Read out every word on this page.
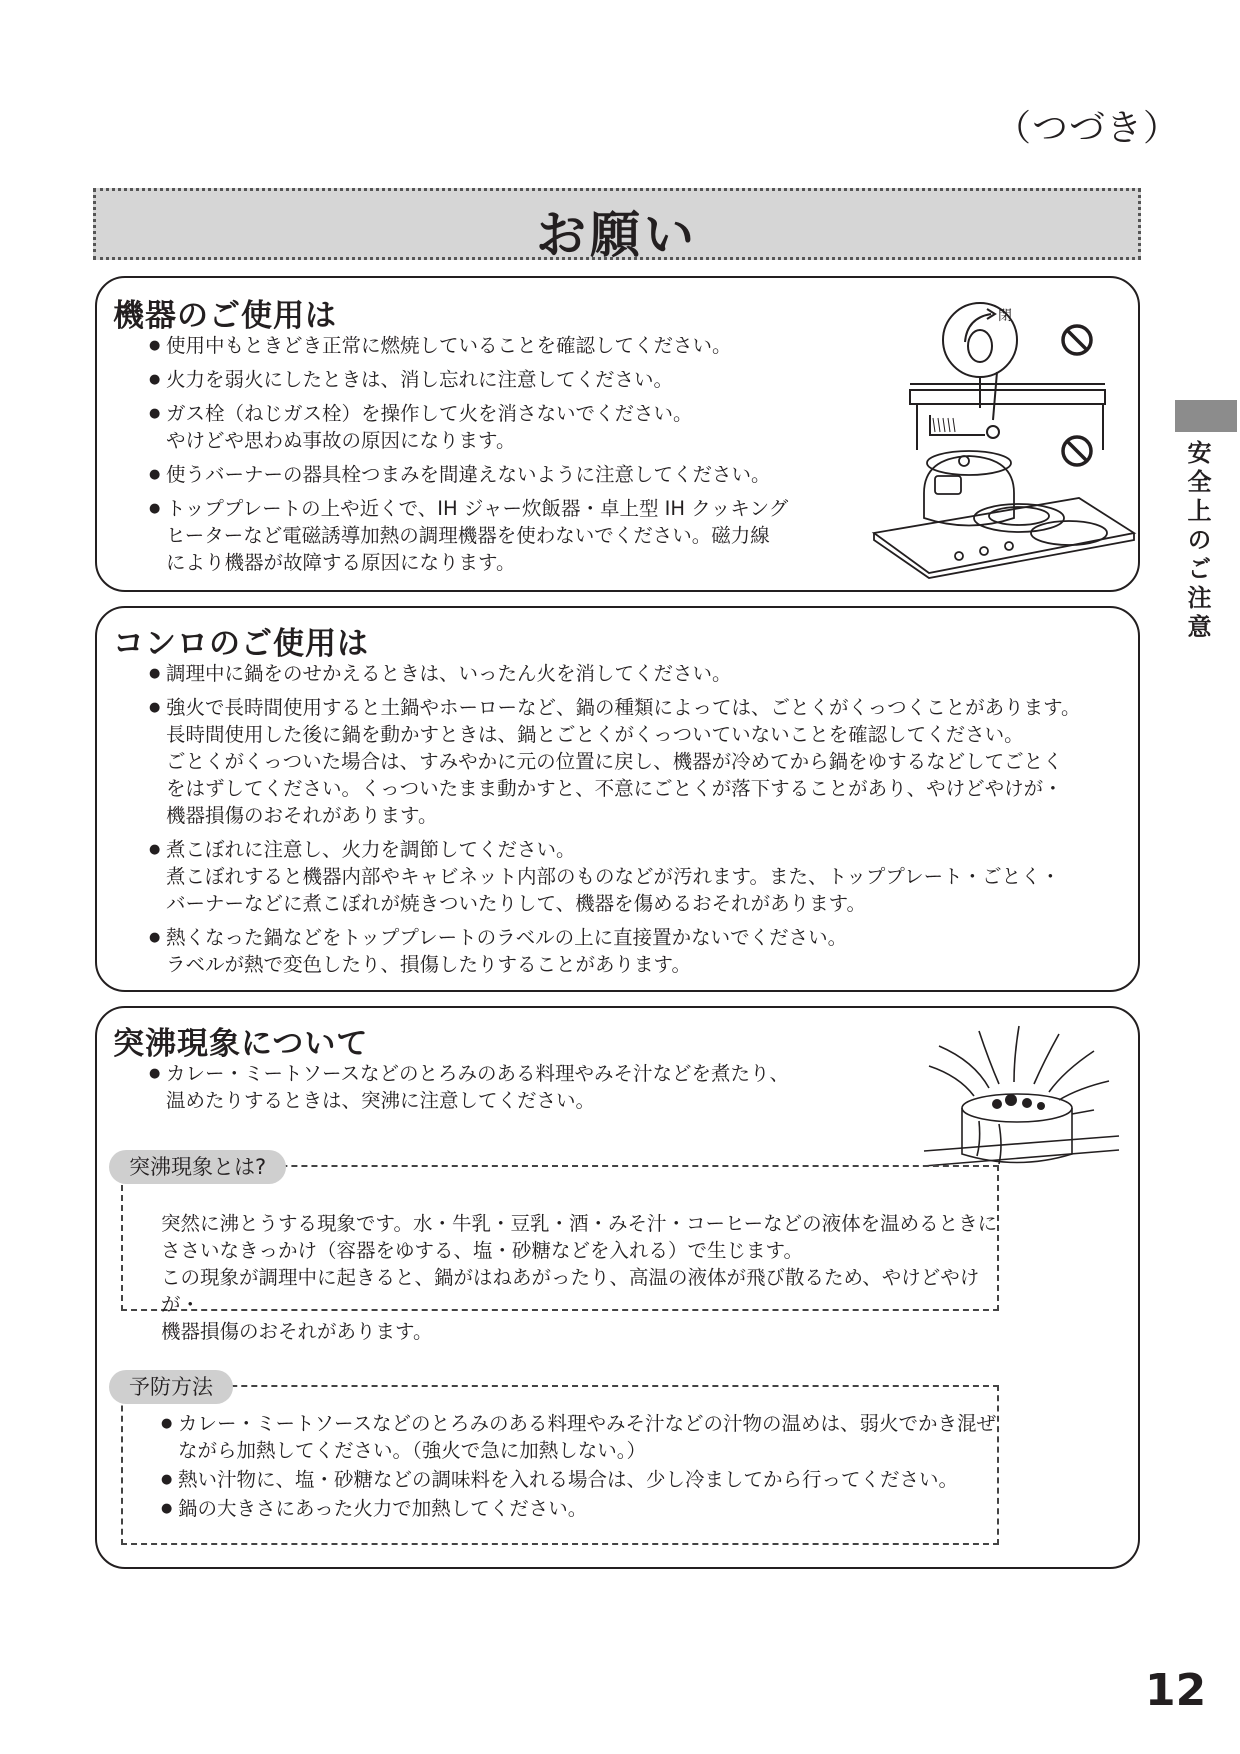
（つづき）
お願い
安全上のご注意
機器のご使用は
● 使用中もときどき正常に燃焼していることを確認してください。
● 火力を弱火にしたときは、消し忘れに注意してください。
● ガス栓（ねじガス栓）を操作して火を消さないでください。
やけどや思わぬ事故の原因になります。
● 使うバーナーの器具栓つまみを間違えないように注意してください。
● トッププレートの上や近くで、IH ジャー炊飯器・卓上型 IH クッキング
ヒーターなど電磁誘導加熱の調理機器を使わないでください。磁力線
により機器が故障する原因になります。
閉
コンロのご使用は
● 調理中に鍋をのせかえるときは、いったん火を消してください。
● 強火で長時間使用すると土鍋やホーローなど、鍋の種類によっては、ごとくがくっつくことがあります。
長時間使用した後に鍋を動かすときは、鍋とごとくがくっついていないことを確認してください。
ごとくがくっついた場合は、すみやかに元の位置に戻し、機器が冷めてから鍋をゆするなどしてごとく
をはずしてください。くっついたまま動かすと、不意にごとくが落下することがあり、やけどやけが・
機器損傷のおそれがあります。
● 煮こぼれに注意し、火力を調節してください。
煮こぼれすると機器内部やキャビネット内部のものなどが汚れます。また、トッププレート・ごとく・
バーナーなどに煮こぼれが焼きついたりして、機器を傷めるおそれがあります。
● 熱くなった鍋などをトッププレートのラベルの上に直接置かないでください。
ラベルが熱で変色したり、損傷したりすることがあります。
突沸現象について
● カレー・ミートソースなどのとろみのある料理やみそ汁などを煮たり、
温めたりするときは、突沸に注意してください。
突沸現象とは?
突然に沸とうする現象です。水・牛乳・豆乳・酒・みそ汁・コーヒーなどの液体を温めるときに
ささいなきっかけ（容器をゆする、塩・砂糖などを入れる）で生じます。
この現象が調理中に起きると、鍋がはねあがったり、高温の液体が飛び散るため、やけどやけが・
機器損傷のおそれがあります。
予防方法
● カレー・ミートソースなどのとろみのある料理やみそ汁などの汁物の温めは、弱火でかき混ぜ
ながら加熱してください。（強火で急に加熱しない。）
● 熱い汁物に、塩・砂糖などの調味料を入れる場合は、少し冷ましてから行ってください。
● 鍋の大きさにあった火力で加熱してください。
12
